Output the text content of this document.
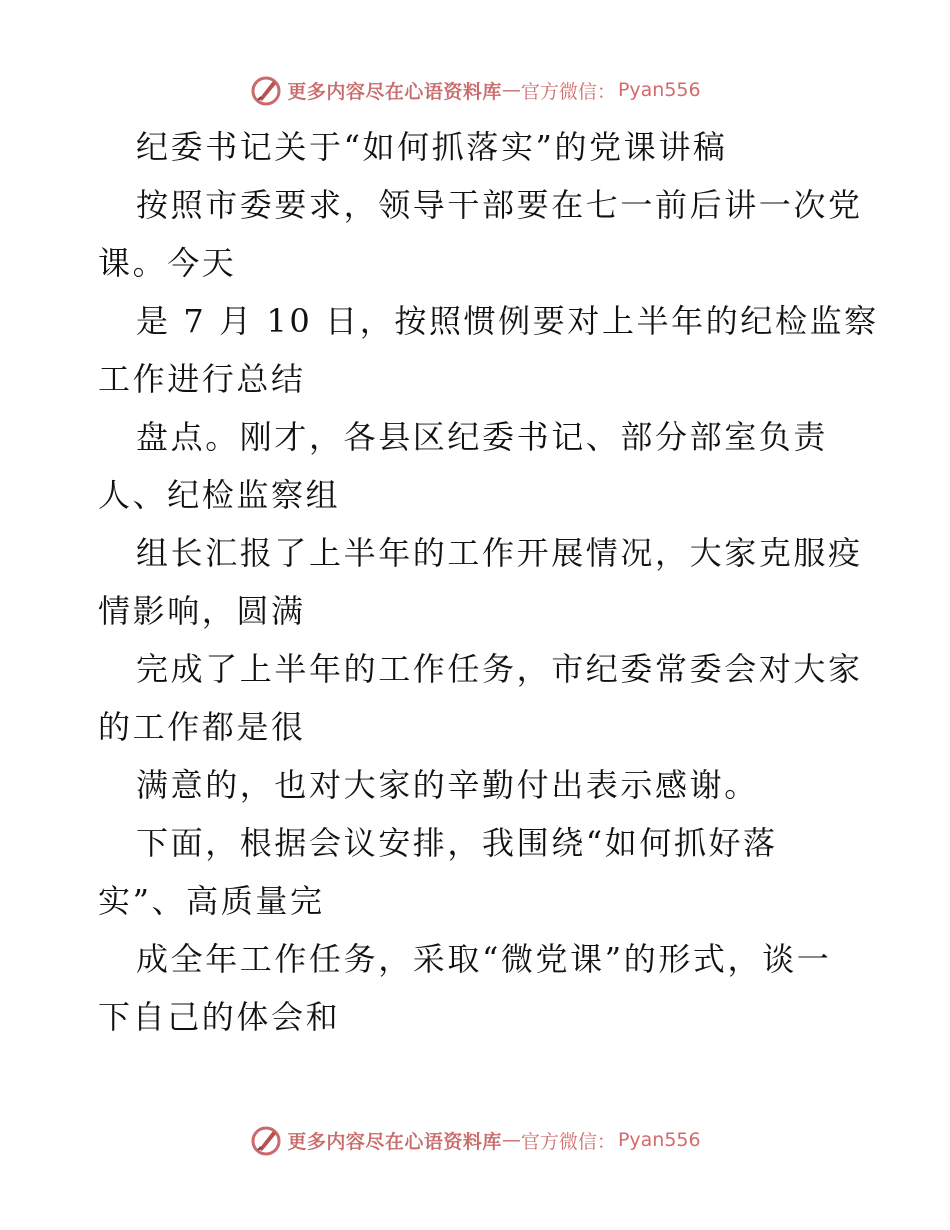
更多内容尽在心语资料库 — 官方微信： Pyan556
纪委书记关于“如何抓落实”的党课讲稿
按照市委要求，领导干部要在七一前后讲一次党
课。今天
是 7 月 10 日，按照惯例要对上半年的纪检监察
工作进行总结
盘点。刚才，各县区纪委书记、部分部室负责
人、纪检监察组
组长汇报了上半年的工作开展情况，大家克服疫
情影响，圆满
完成了上半年的工作任务，市纪委常委会对大家
的工作都是很
满意的，也对大家的辛勤付出表示感谢。
下面，根据会议安排，我围绕“如何抓好落
实”、高质量完
成全年工作任务，采取“微党课”的形式，谈一
下自己的体会和
更多内容尽在心语资料库 — 官方微信： Pyan556
